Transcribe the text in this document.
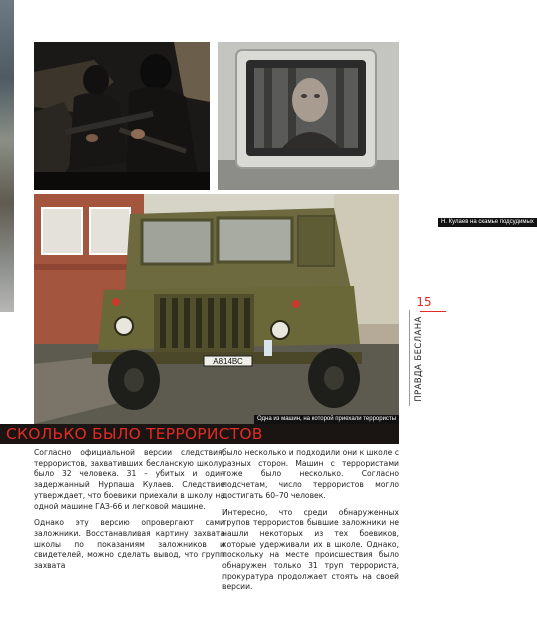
Н. Кулаев на скамье подсудимых
А814ВС
Одна из машин, на которой приехали террористы
СКОЛЬКО БЫЛО ТЕРРОРИСТОВ

Согласно официальной версии следствия, террористов, захвативших бесланскую школу, было 32 человека. 31 – убитых и один задержанный Нурпаша Кулаев. Следствие утверждает, что боевики приехали в школу на одной машине ГАЗ-66 и легковой машине.

Однако эту версию опровергают сами заложники. Восстанавливая картину захвата школы по показаниям заложников и свидетелей, можно сделать вывод, что групп захвата

было несколько и подходили они к школе с разных сторон. Машин с террористами тоже было несколько. Согласно подсчетам, число террористов могло достигать 60–70 человек.

Интересно, что среди обнаруженных трупов террористов бывшие заложники не нашли некоторых из тех боевиков, которые удерживали их в школе. Однако, поскольку на месте происшествия было обнаружен только 31 труп террориста, прокуратура продолжает стоять на своей версии.

15
ПРАВДА БЕСЛАНА
